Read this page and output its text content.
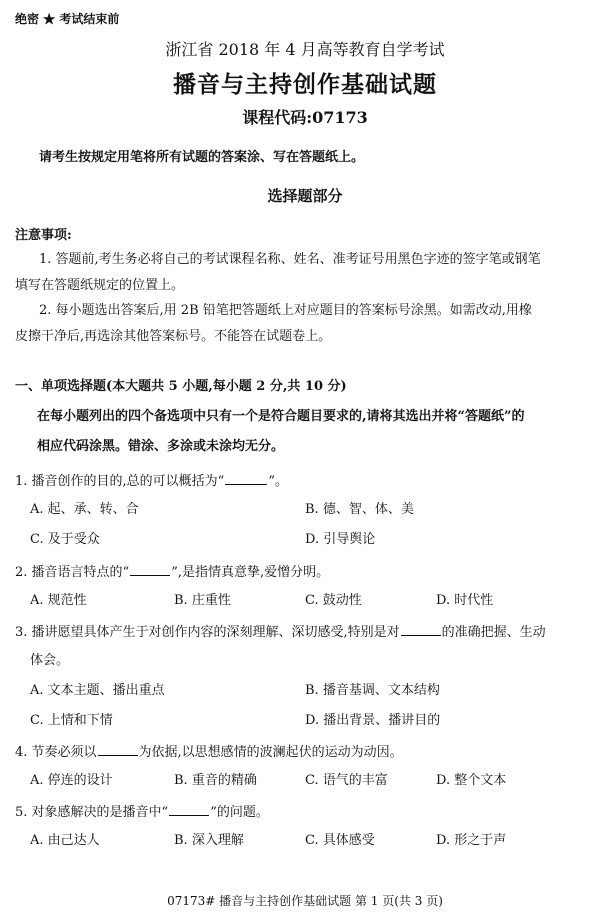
绝密 ★ 考试结束前
浙江省 2018 年 4 月高等教育自学考试
播音与主持创作基础试题
课程代码:07173
请考生按规定用笔将所有试题的答案涂、写在答题纸上。
选择题部分
注意事项:
1. 答题前,考生务必将自己的考试课程名称、姓名、准考证号用黑色字迹的签字笔或钢笔
填写在答题纸规定的位置上。
2. 每小题选出答案后,用 2B 铅笔把答题纸上对应题目的答案标号涂黑。如需改动,用橡
皮擦干净后,再选涂其他答案标号。不能答在试题卷上。
一、单项选择题(本大题共 5 小题,每小题 2 分,共 10 分)
在每小题列出的四个备选项中只有一个是符合题目要求的,请将其选出并将“答题纸”的
相应代码涂黑。错涂、多涂或未涂均无分。
1. 播音创作的目的,总的可以概括为“	”。
A. 起、承、转、合	B. 德、智、体、美
C. 及于受众	D. 引导舆论
2. 播音语言特点的“	”,是指情真意挚,爱憎分明。
A. 规范性	B. 庄重性	C. 鼓动性	D. 时代性
3. 播讲愿望具体产生于对创作内容的深刻理解、深切感受,特别是对	的准确把握、生动
体会。
A. 文本主题、播出重点	B. 播音基调、文本结构
C. 上情和下情	D. 播出背景、播讲目的
4. 节奏必须以	为依据,以思想感情的波澜起伏的运动为动因。
A. 停连的设计	B. 重音的精确	C. 语气的丰富	D. 整个文本
5. 对象感解决的是播音中“	”的问题。
A. 由己达人	B. 深入理解	C. 具体感受	D. 形之于声
07173# 播音与主持创作基础试题 第 1 页(共 3 页)
